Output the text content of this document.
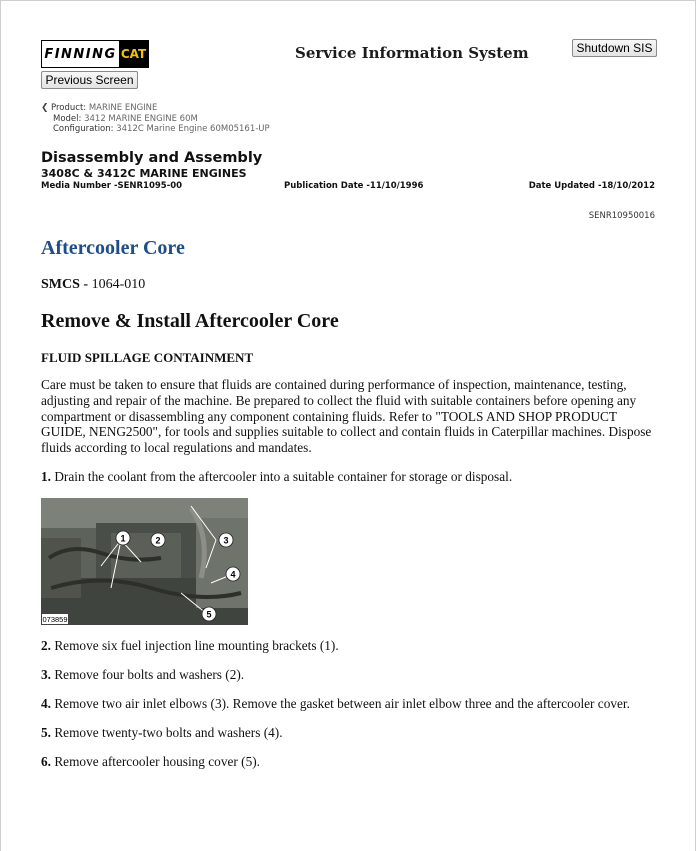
FINNING CAT	Service Information System	Shutdown SIS
Previous Screen
❮ Product: MARINE ENGINE
Model: 3412 MARINE ENGINE 60M
Configuration: 3412C Marine Engine 60M05161-UP
Disassembly and Assembly
3408C & 3412C MARINE ENGINES
Media Number -SENR1095-00	Publication Date -11/10/1996	Date Updated -18/10/2012
SENR10950016
Aftercooler Core
SMCS - 1064-010
Remove & Install Aftercooler Core
FLUID SPILLAGE CONTAINMENT
Care must be taken to ensure that fluids are contained during performance of inspection, maintenance, testing, adjusting and repair of the machine. Be prepared to collect the fluid with suitable containers before opening any compartment or disassembling any component containing fluids. Refer to "TOOLS AND SHOP PRODUCT GUIDE, NENG2500", for tools and supplies suitable to collect and contain fluids in Caterpillar machines. Dispose fluids according to local regulations and mandates.
1. Drain the coolant from the aftercooler into a suitable container for storage or disposal.
1	2	3
4
5
073859
2. Remove six fuel injection line mounting brackets (1).
3. Remove four bolts and washers (2).
4. Remove two air inlet elbows (3). Remove the gasket between air inlet elbow three and the aftercooler cover.
5. Remove twenty-two bolts and washers (4).
6. Remove aftercooler housing cover (5).
